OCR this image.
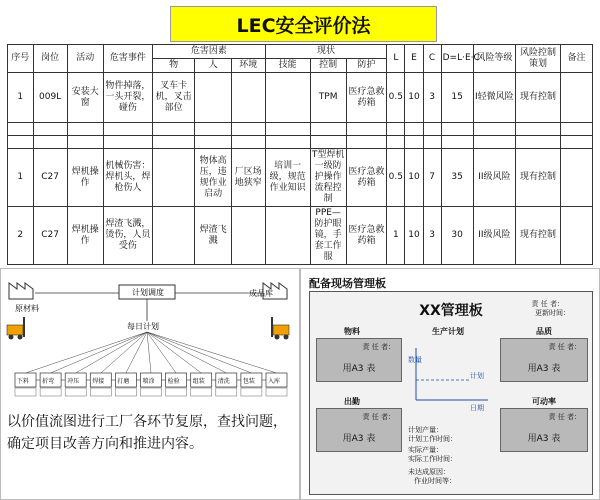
LEC安全评价法
序号	岗位	活动	危害事件	危害因素			现状			L	E	C	D=L·E·C	风险等级	风险控制策划	备注
				物	人	环境	技能	控制	防护							
1	009L	安装大窗	物件掉落，一头开裂，碰伤	叉车卡机，叉击部位				TPM	医疗急救药箱	0.5	10	3	15	I轻微风险	现有控制	

1	C27	焊机操作	机械伤害：焊机头，焊枪伤人		物体高压，违规作业启动	厂区场地狭窄	培训一级，规范作业知识	T型焊机一级防护操作流程控制	医疗急救药箱	0.5	10	7	35	II级风险	现有控制	
2	C27	焊机操作	焊渣飞溅，烫伤，人员受伤		焊渣飞溅			PPE—防护眼镜，手套工作服	医疗急救药箱	1	10	3	30	II级风险	现有控制	
原材料
成品库
计划调度
每日计划
下料 折弯 冲压 焊接 打磨 喷涂 检验 组装 清洗 包装 入库
以价值流图进行工厂各环节复原，查找问题，确定项目改善方向和推进内容。
配备现场管理板
XX管理板	责 任 者：
更新时间：
物料	生产计划	品质
责 任 者：
用A3 表
责 任 者：
用A3 表
数量
计划
日期
计划产量：
计划工作时间：
实际产量：
实际工作时间：
未达成原因：
作业时间等：
出勤	可动率
责 任 者：
用A3 表
责 任 者：
用A3 表
